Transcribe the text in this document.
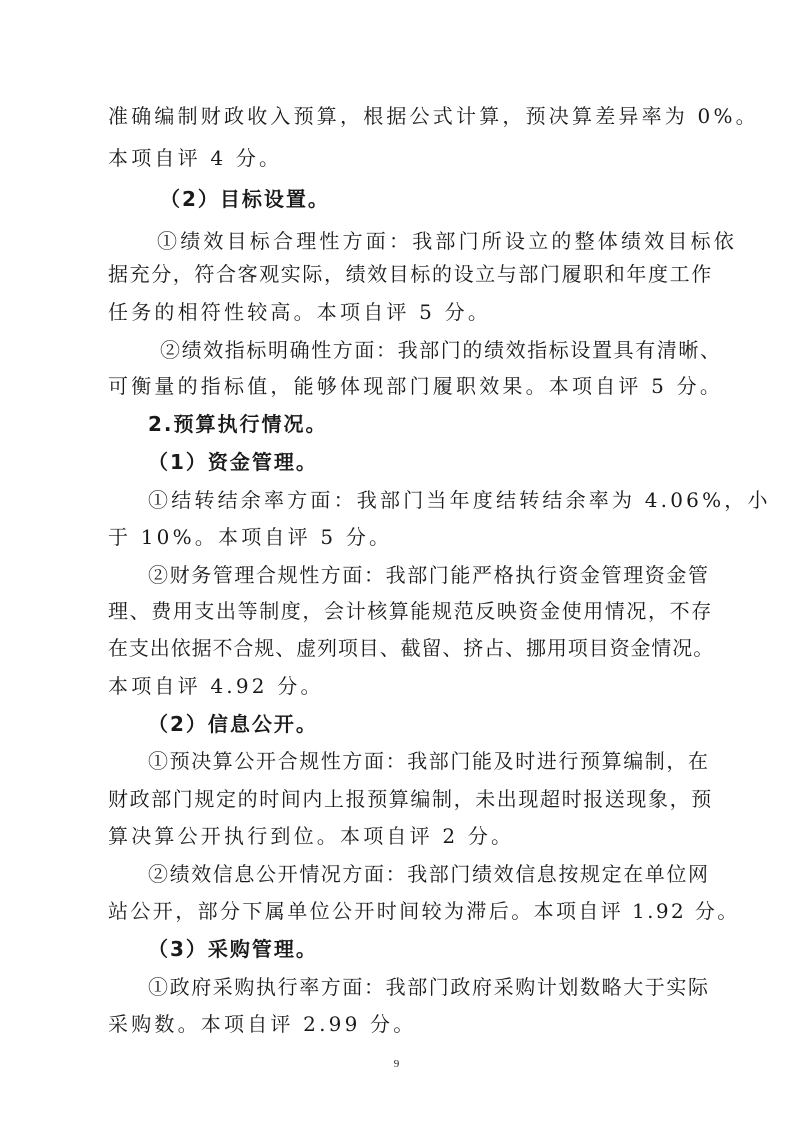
准确编制财政收入预算，根据公式计算，预决算差异率为 0%。
本项自评 4 分。
（2）目标设置。
①绩效目标合理性方面：我部门所设立的整体绩效目标依
据充分，符合客观实际，绩效目标的设立与部门履职和年度工作
任务的相符性较高。本项自评 5 分。
②绩效指标明确性方面：我部门的绩效指标设置具有清晰、
可衡量的指标值，能够体现部门履职效果。本项自评 5 分。
2.预算执行情况。
（1）资金管理。
①结转结余率方面：我部门当年度结转结余率为 4.06%，小
于 10%。本项自评 5 分。
②财务管理合规性方面：我部门能严格执行资金管理资金管
理、费用支出等制度，会计核算能规范反映资金使用情况，不存
在支出依据不合规、虚列项目、截留、挤占、挪用项目资金情况。
本项自评 4.92 分。
（2）信息公开。
①预决算公开合规性方面：我部门能及时进行预算编制，在
财政部门规定的时间内上报预算编制，未出现超时报送现象，预
算决算公开执行到位。本项自评 2 分。
②绩效信息公开情况方面：我部门绩效信息按规定在单位网
站公开，部分下属单位公开时间较为滞后。本项自评 1.92 分。
（3）采购管理。
①政府采购执行率方面：我部门政府采购计划数略大于实际
采购数。本项自评 2.99 分。
9
